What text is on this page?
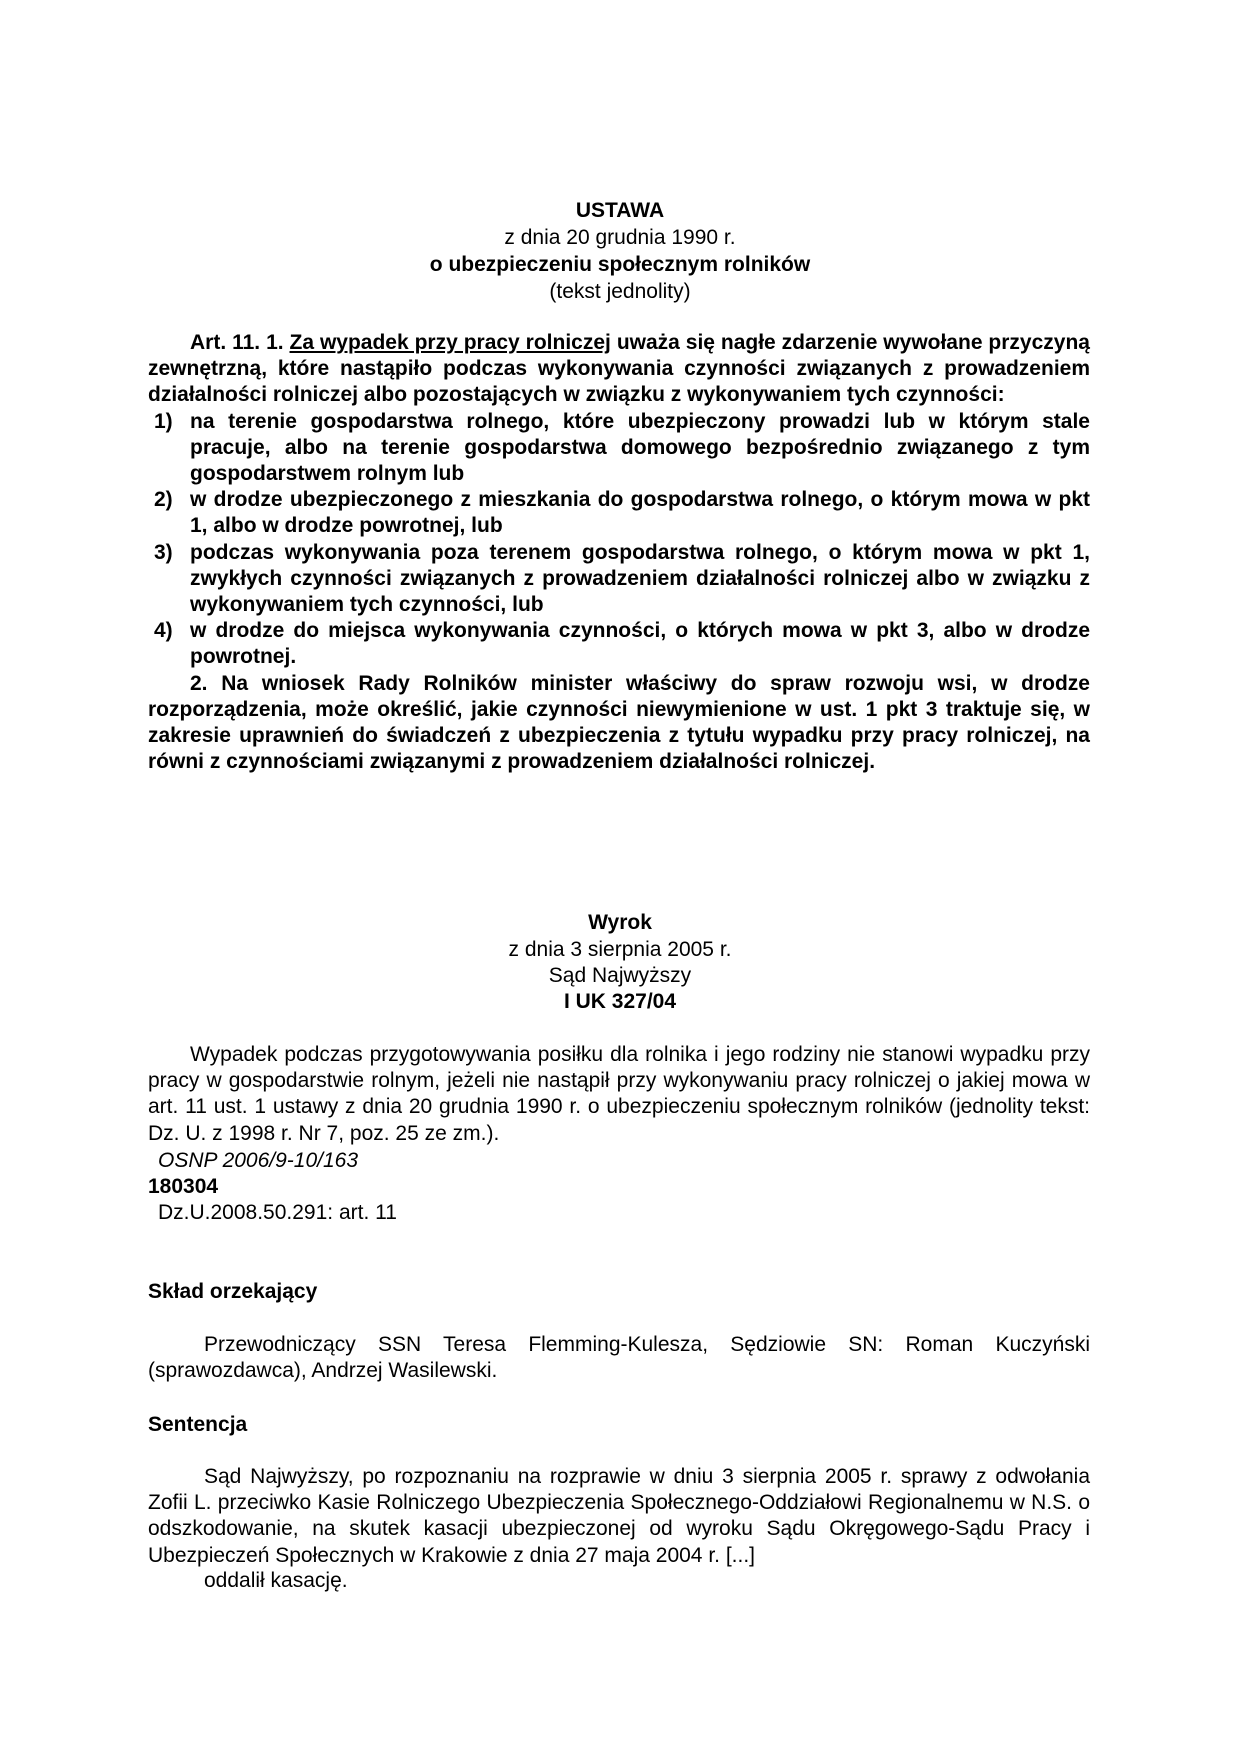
USTAWA
z dnia 20 grudnia 1990 r.
o ubezpieczeniu społecznym rolników
(tekst jednolity)
Art. 11. 1. Za wypadek przy pracy rolniczej uważa się nagłe zdarzenie wywołane przyczyną zewnętrzną, które nastąpiło podczas wykonywania czynności związanych z prowadzeniem działalności rolniczej albo pozostających w związku z wykonywaniem tych czynności:
1) na terenie gospodarstwa rolnego, które ubezpieczony prowadzi lub w którym stale pracuje, albo na terenie gospodarstwa domowego bezpośrednio związanego z tym gospodarstwem rolnym lub
2) w drodze ubezpieczonego z mieszkania do gospodarstwa rolnego, o którym mowa w pkt 1, albo w drodze powrotnej, lub
3) podczas wykonywania poza terenem gospodarstwa rolnego, o którym mowa w pkt 1, zwykłych czynności związanych z prowadzeniem działalności rolniczej albo w związku z wykonywaniem tych czynności, lub
4) w drodze do miejsca wykonywania czynności, o których mowa w pkt 3, albo w drodze powrotnej.
2. Na wniosek Rady Rolników minister właściwy do spraw rozwoju wsi, w drodze rozporządzenia, może określić, jakie czynności niewymienione w ust. 1 pkt 3 traktuje się, w zakresie uprawnień do świadczeń z ubezpieczenia z tytułu wypadku przy pracy rolniczej, na równi z czynnościami związanymi z prowadzeniem działalności rolniczej.
Wyrok
z dnia 3 sierpnia 2005 r.
Sąd Najwyższy
I UK 327/04
Wypadek podczas przygotowywania posiłku dla rolnika i jego rodziny nie stanowi wypadku przy pracy w gospodarstwie rolnym, jeżeli nie nastąpił przy wykonywaniu pracy rolniczej o jakiej mowa w art. 11 ust. 1 ustawy z dnia 20 grudnia 1990 r. o ubezpieczeniu społecznym rolników (jednolity tekst: Dz. U. z 1998 r. Nr 7, poz. 25 ze zm.).
OSNP 2006/9-10/163
180304
Dz.U.2008.50.291: art. 11
Skład orzekający
Przewodniczący SSN Teresa Flemming-Kulesza, Sędziowie SN: Roman Kuczyński (sprawozdawca), Andrzej Wasilewski.
Sentencja
Sąd Najwyższy, po rozpoznaniu na rozprawie w dniu 3 sierpnia 2005 r. sprawy z odwołania Zofii L. przeciwko Kasie Rolniczego Ubezpieczenia Społecznego-Oddziałowi Regionalnemu w N.S. o odszkodowanie, na skutek kasacji ubezpieczonej od wyroku Sądu Okręgowego-Sądu Pracy i Ubezpieczeń Społecznych w Krakowie z dnia 27 maja 2004 r. [...]
oddalił kasację.
